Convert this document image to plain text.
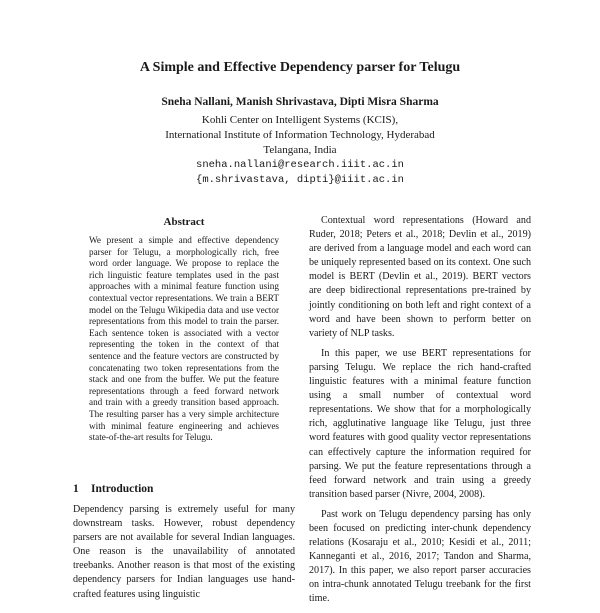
A Simple and Effective Dependency parser for Telugu
Sneha Nallani, Manish Shrivastava, Dipti Misra Sharma
Kohli Center on Intelligent Systems (KCIS),
International Institute of Information Technology, Hyderabad
Telangana, India
sneha.nallani@research.iiit.ac.in
{m.shrivastava, dipti}@iiit.ac.in
Abstract
We present a simple and effective dependency parser for Telugu, a morphologically rich, free word order language. We propose to replace the rich linguistic feature templates used in the past approaches with a minimal feature function using contextual vector representations. We train a BERT model on the Telugu Wikipedia data and use vector representations from this model to train the parser. Each sentence token is associated with a vector representing the token in the context of that sentence and the feature vectors are constructed by concatenating two token representations from the stack and one from the buffer. We put the feature representations through a feed forward network and train with a greedy transition based approach. The resulting parser has a very simple architecture with minimal feature engineering and achieves state-of-the-art results for Telugu.
1 Introduction
Dependency parsing is extremely useful for many downstream tasks. However, robust dependency parsers are not available for several Indian languages. One reason is the unavailability of annotated treebanks. Another reason is that most of the existing dependency parsers for Indian languages use hand-crafted features using linguistic

Contextual word representations (Howard and Ruder, 2018; Peters et al., 2018; Devlin et al., 2019) are derived from a language model and each word can be uniquely represented based on its context. One such model is BERT (Devlin et al., 2019). BERT vectors are deep bidirectional representations pre-trained by jointly conditioning on both left and right context of a word and have been shown to perform better on variety of NLP tasks.

In this paper, we use BERT representations for parsing Telugu. We replace the rich hand-crafted linguistic features with a minimal feature function using a small number of contextual word representations. We show that for a morphologically rich, agglutinative language like Telugu, just three word features with good quality vector representations can effectively capture the information required for parsing. We put the feature representations through a feed forward network and train using a greedy transition based parser (Nivre, 2004, 2008).

Past work on Telugu dependency parsing has only been focused on predicting inter-chunk dependency relations (Kosaraju et al., 2010; Kesidi et al., 2011; Kanneganti et al., 2016, 2017; Tandon and Sharma, 2017). In this paper, we also report parser accuracies on intra-chunk annotated Telugu treebank for the first time.
